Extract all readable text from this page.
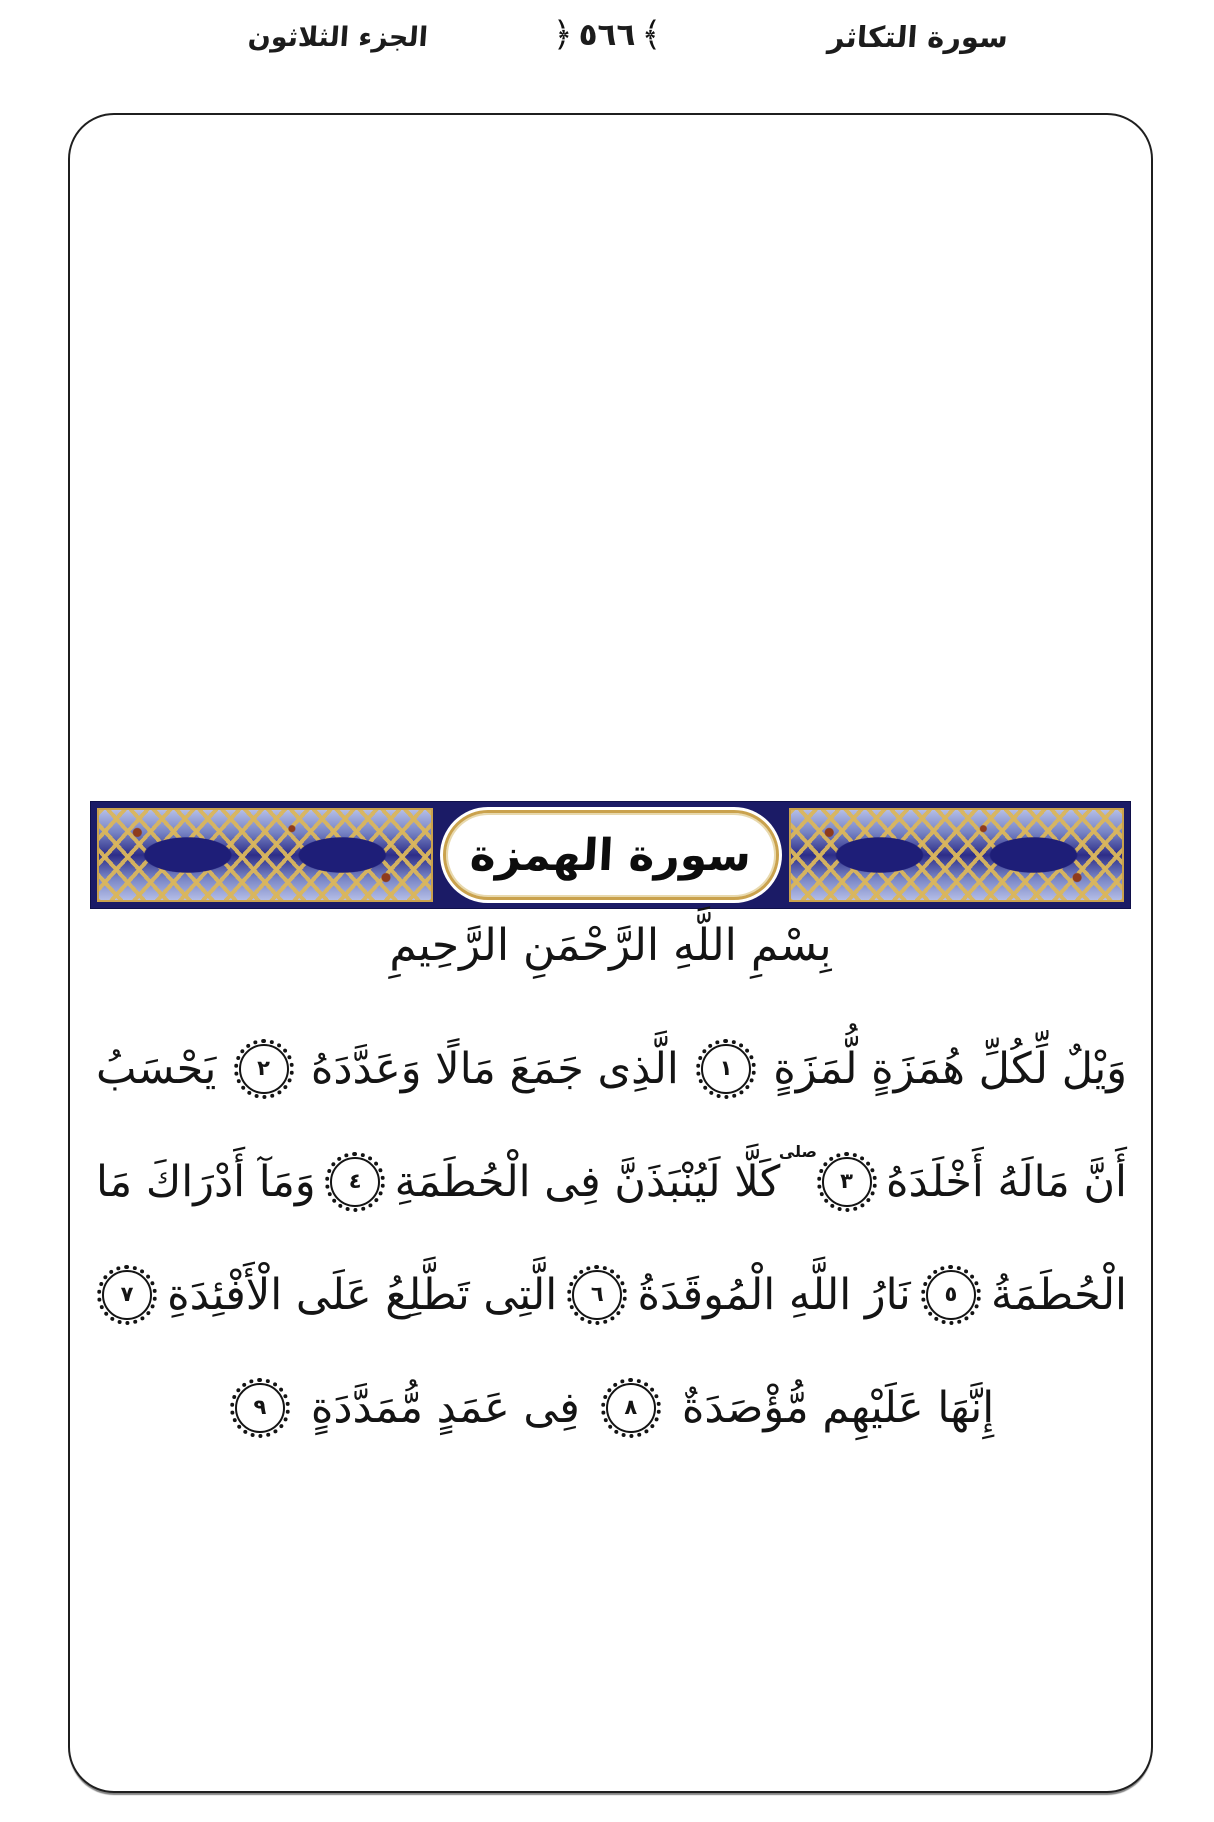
سورة التكاثر
﴿ ٥٦٦ ﴾
الجزء الثلاثون
سورة الهمزة
بِسْمِ اللَّهِ الرَّحْمَنِ الرَّحِيمِ
وَيْلٌ لِّكُلِّ هُمَزَةٍ لُّمَزَةٍ
١
الَّذِى جَمَعَ مَالًا وَعَدَّدَهُ
٢
يَحْسَبُ
أَنَّ مَالَهُ أَخْلَدَهُ
٣
صلى
كَلَّا لَيُنْبَذَنَّ فِى الْحُطَمَةِ
٤
وَمَآ أَدْرَاكَ مَا
الْحُطَمَةُ
٥
نَارُ اللَّهِ الْمُوقَدَةُ
٦
الَّتِى تَطَّلِعُ عَلَى الْأَفْئِدَةِ
٧
إِنَّهَا عَلَيْهِم مُّؤْصَدَةٌ
٨
فِى عَمَدٍ مُّمَدَّدَةٍ
٩
